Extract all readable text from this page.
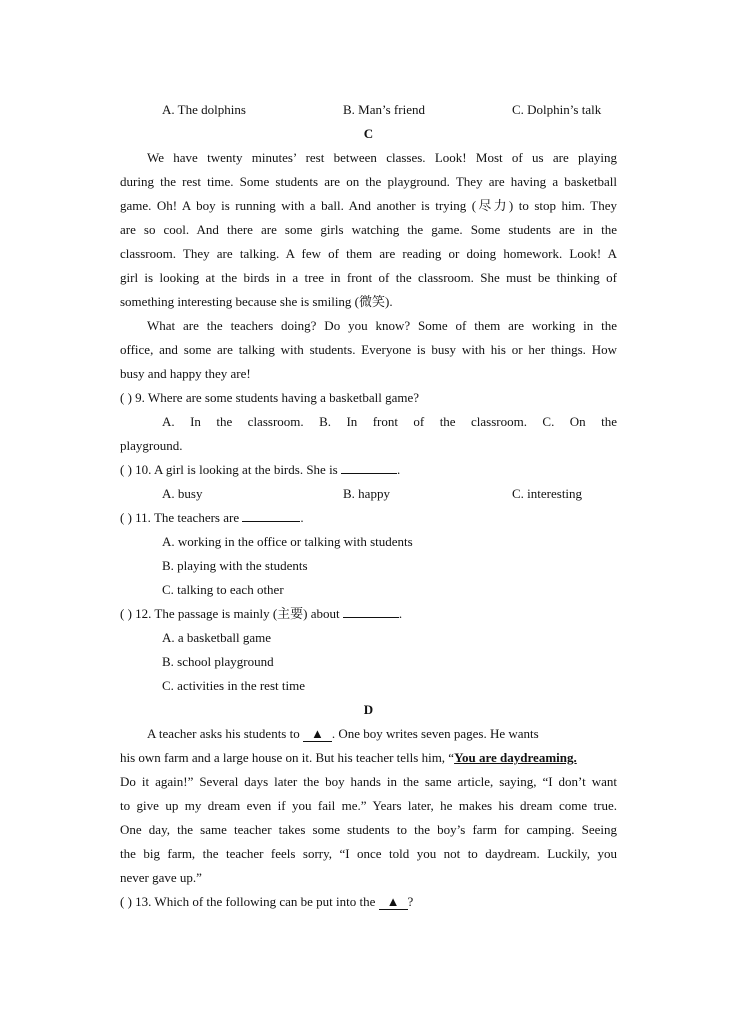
A. The dolphins	B. Man’s friend	C. Dolphin’s talk
C
We have twenty minutes’ rest between classes. Look! Most of us are playing
during the rest time. Some students are on the playground. They are having a basketball
game. Oh! A boy is running with a ball. And another is trying (尽力) to stop him. They
are so cool. And there are some girls watching the game. Some students are in the
classroom. They are talking. A few of them are reading or doing homework. Look! A
girl is looking at the birds in a tree in front of the classroom. She must be thinking of
something interesting because she is smiling (微笑).
What are the teachers doing? Do you know? Some of them are working in the
office, and some are talking with students. Everyone is busy with his or her things. How
busy and happy they are!
( ) 9. Where are some students having a basketball game?
A. In the classroom. B. In front of the classroom. C. On the
playground.
( ) 10. A girl is looking at the birds. She is	.
A. busy	B. happy	C. interesting
( ) 11. The teachers are	.
A. working in the office or talking with students
B. playing with the students
C. talking to each other
( ) 12. The passage is mainly (主要) about	.
A. a basketball game
B. school playground
C. activities in the rest time
D
A teacher asks his students to ▲ . One boy writes seven pages. He wants
his own farm and a large house on it. But his teacher tells him, “You are daydreaming.
Do it again!” Several days later the boy hands in the same article, saying, “I don’t want
to give up my dream even if you fail me.” Years later, he makes his dream come true.
One day, the same teacher takes some students to the boy’s farm for camping. Seeing
the big farm, the teacher feels sorry, “I once told you not to daydream. Luckily, you
never gave up.”
( ) 13. Which of the following can be put into the ▲ ?
